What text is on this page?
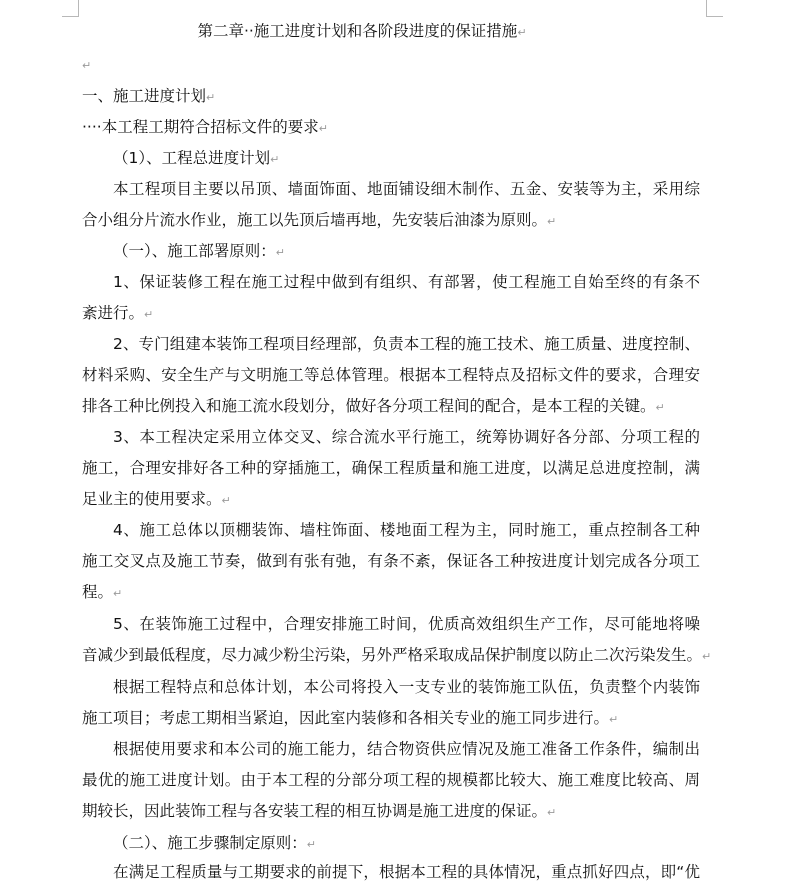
第二章··施工进度计划和各阶段进度的保证措施↵
↵
一、施工进度计划↵
····本工程工期符合招标文件的要求↵
（1）、工程总进度计划↵
本工程项目主要以吊顶、墙面饰面、地面铺设细木制作、五金、安装等为主，采用综
合小组分片流水作业，施工以先顶后墙再地，先安装后油漆为原则。↵
（一）、施工部署原则：↵
1、保证装修工程在施工过程中做到有组织、有部署，使工程施工自始至终的有条不
紊进行。↵
2、专门组建本装饰工程项目经理部，负责本工程的施工技术、施工质量、进度控制、
材料采购、安全生产与文明施工等总体管理。根据本工程特点及招标文件的要求，合理安
排各工种比例投入和施工流水段划分，做好各分项工程间的配合，是本工程的关键。↵
3、本工程决定采用立体交叉、综合流水平行施工，统筹协调好各分部、分项工程的
施工，合理安排好各工种的穿插施工，确保工程质量和施工进度，以满足总进度控制，满
足业主的使用要求。↵
4、施工总体以顶棚装饰、墙柱饰面、楼地面工程为主，同时施工，重点控制各工种
施工交叉点及施工节奏，做到有张有弛，有条不紊，保证各工种按进度计划完成各分项工
程。↵
5、在装饰施工过程中，合理安排施工时间，优质高效组织生产工作，尽可能地将噪
音减少到最低程度，尽力减少粉尘污染，另外严格采取成品保护制度以防止二次污染发生。↵
根据工程特点和总体计划，本公司将投入一支专业的装饰施工队伍，负责整个内装饰
施工项目；考虑工期相当紧迫，因此室内装修和各相关专业的施工同步进行。↵
根据使用要求和本公司的施工能力，结合物资供应情况及施工准备工作条件，编制出
最优的施工进度计划。由于本工程的分部分项工程的规模都比较大、施工难度比较高、周
期较长，因此装饰工程与各安装工程的相互协调是施工进度的保证。↵
（二）、施工步骤制定原则：↵
在满足工程质量与工期要求的前提下，根据本工程的具体情况，重点抓好四点，即“优
